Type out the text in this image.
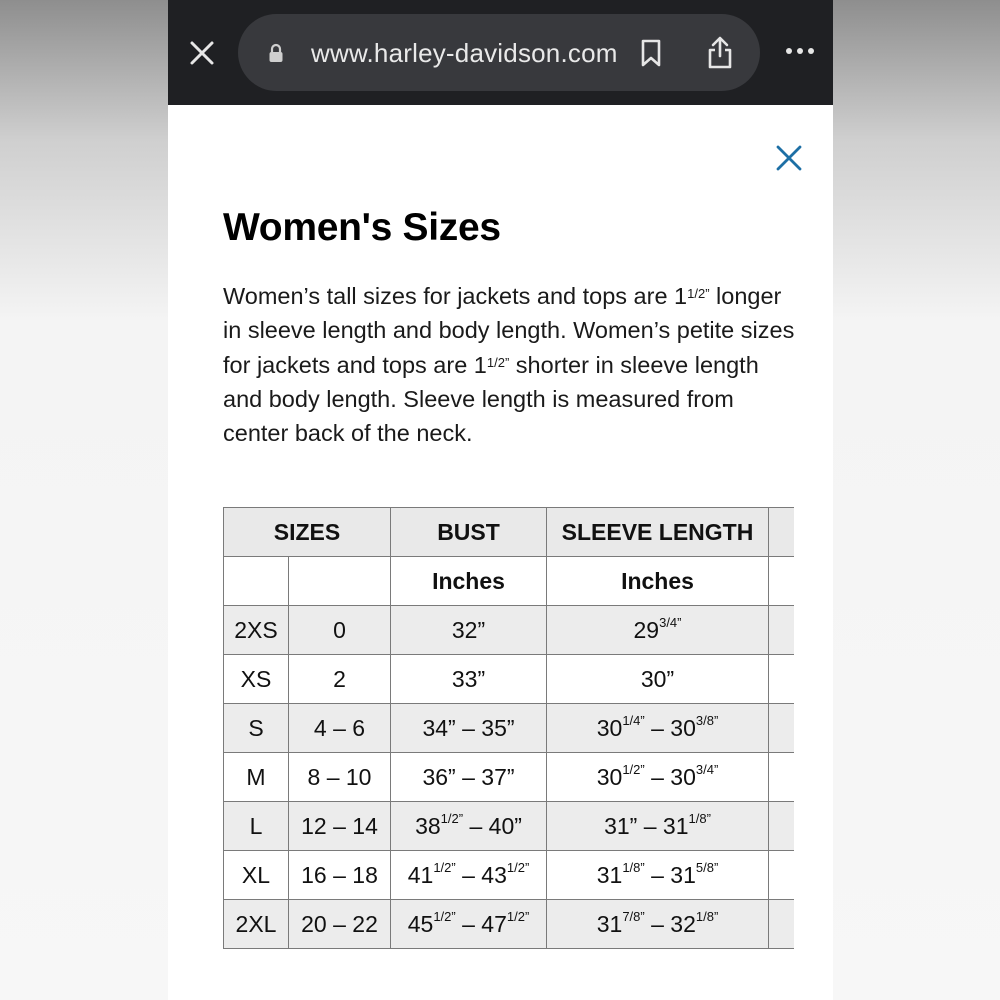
www.harley-davidson.com
Women's Sizes
Women’s tall sizes for jackets and tops are $1^{1/2”}$ longer in sleeve length and body length. Women’s petite sizes for jackets and tops are $1^{1/2”}$ shorter in sleeve length and body length. Sleeve length is measured from center back of the neck.
SIZES		BUST	SLEEVE LENGTH	
		Inches	Inches	
2XS	0	32”	$29^{3/4”}$	
XS	2	33”	30”	
S	4 – 6	34” – 35”	$30^{1/4”} - 30^{3/8”}$	
M	8 – 10	36” – 37”	$30^{1/2”} - 30^{3/4”}$	
L	12 – 14	$38^{1/2”} - 40$”	31” – $31^{1/8”}$	
XL	16 – 18	$41^{1/2”} - 43^{1/2”}$	$31^{1/8”} - 31^{5/8”}$	
2XL	20 – 22	$45^{1/2”} - 47^{1/2”}$	$31^{7/8”} - 32^{1/8”}$	
